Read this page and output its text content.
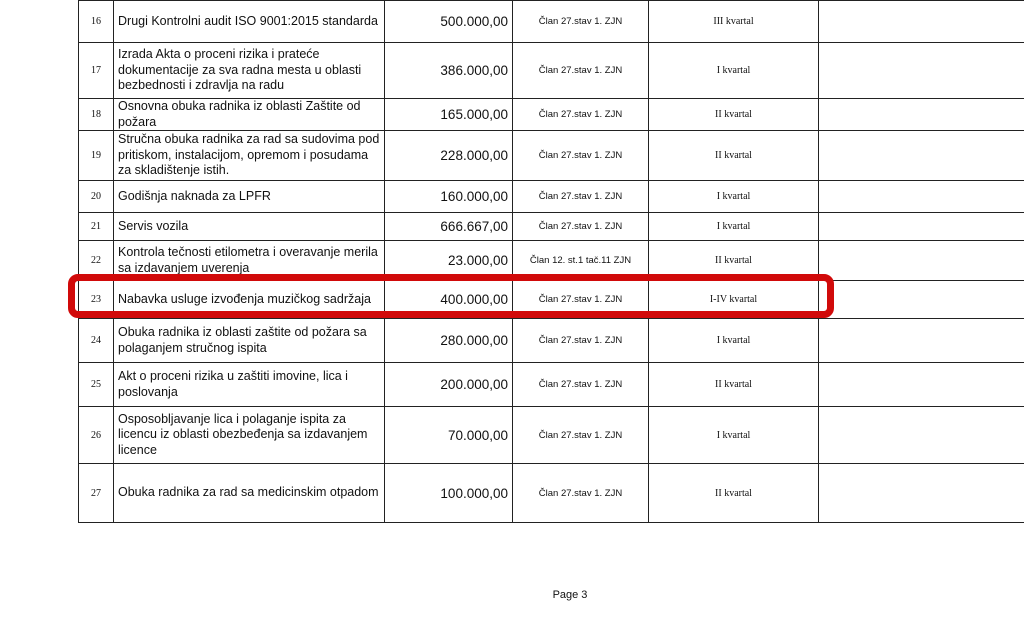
16	Drugi Kontrolni audit ISO 9001:2015 standarda	500.000,00	Član 27.stav 1. ZJN	III kvartal	
17	Izrada Akta o proceni rizika i prateće dokumentacije za sva radna mesta u oblasti bezbednosti i zdravlja na radu	386.000,00	Član 27.stav 1. ZJN	I kvartal	
18	Osnovna obuka radnika iz oblasti Zaštite od požara	165.000,00	Član 27.stav 1. ZJN	II kvartal	
19	Stručna obuka radnika za rad sa sudovima pod pritiskom, instalacijom, opremom i posudama za skladištenje istih.	228.000,00	Član 27.stav 1. ZJN	II kvartal	
20	Godišnja naknada za LPFR	160.000,00	Član 27.stav 1. ZJN	I kvartal	
21	Servis vozila	666.667,00	Član 27.stav 1. ZJN	I kvartal	
22	Kontrola tečnosti etilometra i overavanje merila sa izdavanjem uverenja	23.000,00	Član 12. st.1 tač.11 ZJN	II kvartal	
23	Nabavka usluge izvođenja muzičkog sadržaja	400.000,00	Član 27.stav 1. ZJN	I-IV kvartal	
24	Obuka radnika iz oblasti zaštite od požara sa polaganjem stručnog ispita	280.000,00	Član 27.stav 1. ZJN	I kvartal	
25	Akt o proceni rizika u zaštiti imovine, lica i poslovanja	200.000,00	Član 27.stav 1. ZJN	II kvartal	
26	Osposobljavanje lica i polaganje ispita za licencu iz oblasti obezbeđenja sa izdavanjem licence	70.000,00	Član 27.stav 1. ZJN	I kvartal	
27	Obuka radnika za rad sa medicinskim otpadom	100.000,00	Član 27.stav 1. ZJN	II kvartal	
Page 3
